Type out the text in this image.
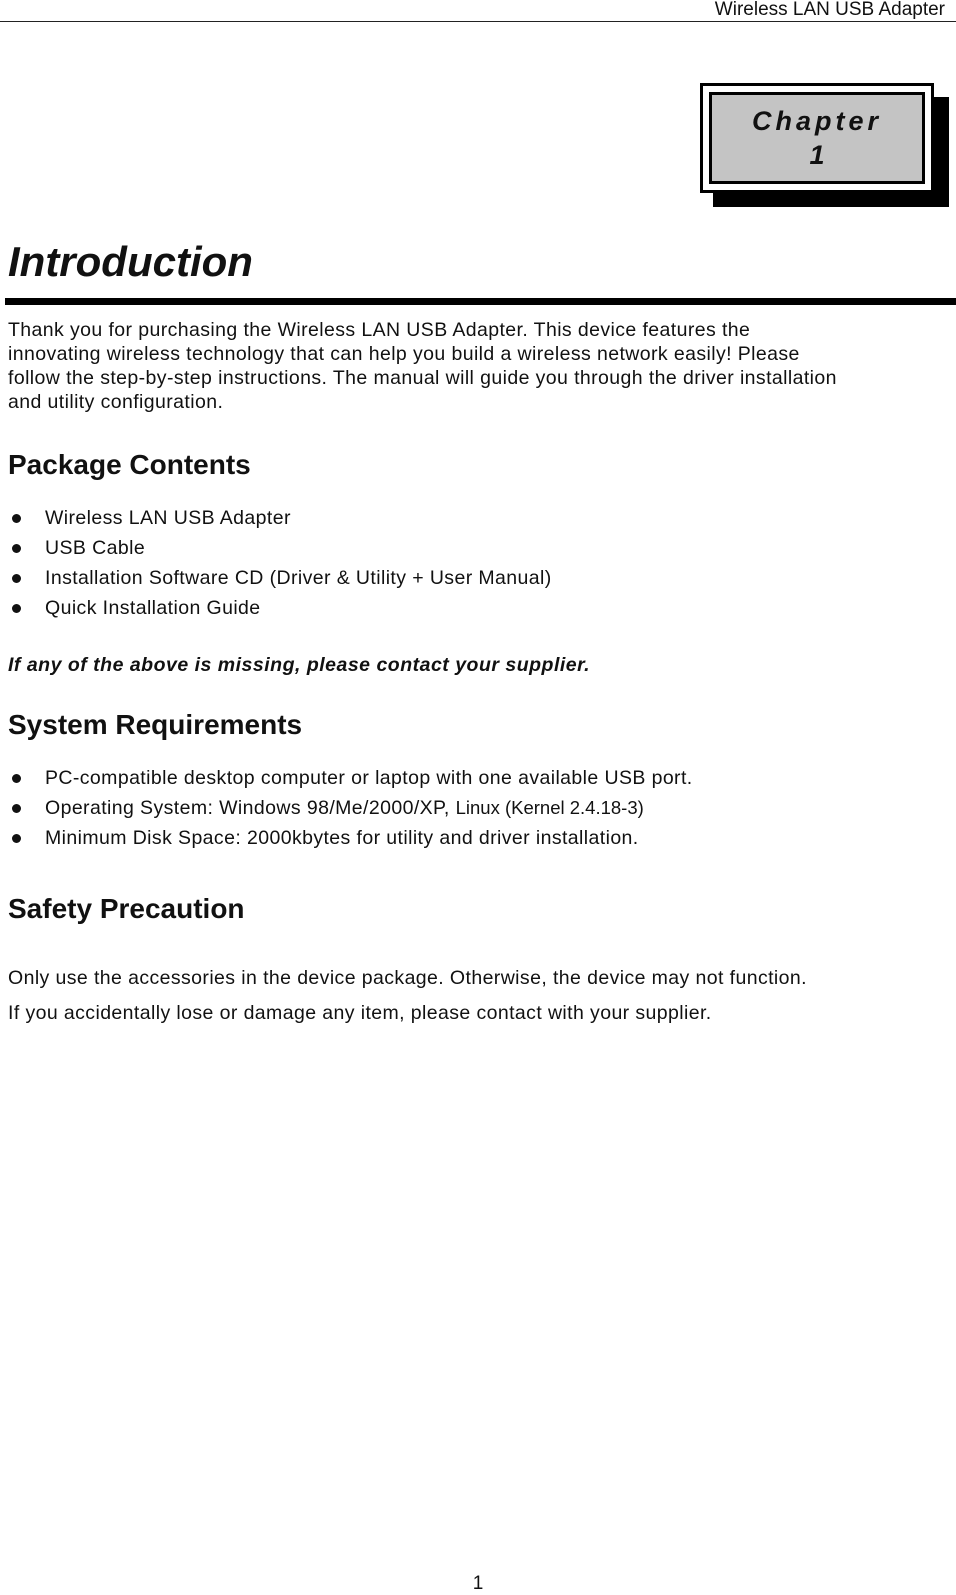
Wireless LAN USB Adapter
Chapter
1
Introduction

Thank you for purchasing the Wireless LAN USB Adapter. This device features the
innovating wireless technology that can help you build a wireless network easily! Please
follow the step-by-step instructions. The manual will guide you through the driver installation
and utility configuration.

Package Contents
Wireless LAN USB Adapter
USB Cable
Installation Software CD (Driver & Utility + User Manual)
Quick Installation Guide

If any of the above is missing, please contact your supplier.

System Requirements
PC-compatible desktop computer or laptop with one available USB port.
Operating System: Windows 98/Me/2000/XP,
Linux (Kernel 2.4.18-3)
Minimum Disk Space: 2000kbytes for utility and driver installation.
Safety Precaution

Only use the accessories in the device package. Otherwise, the device may not function.

If you accidentally lose or damage any item, please contact with your supplier.

1
